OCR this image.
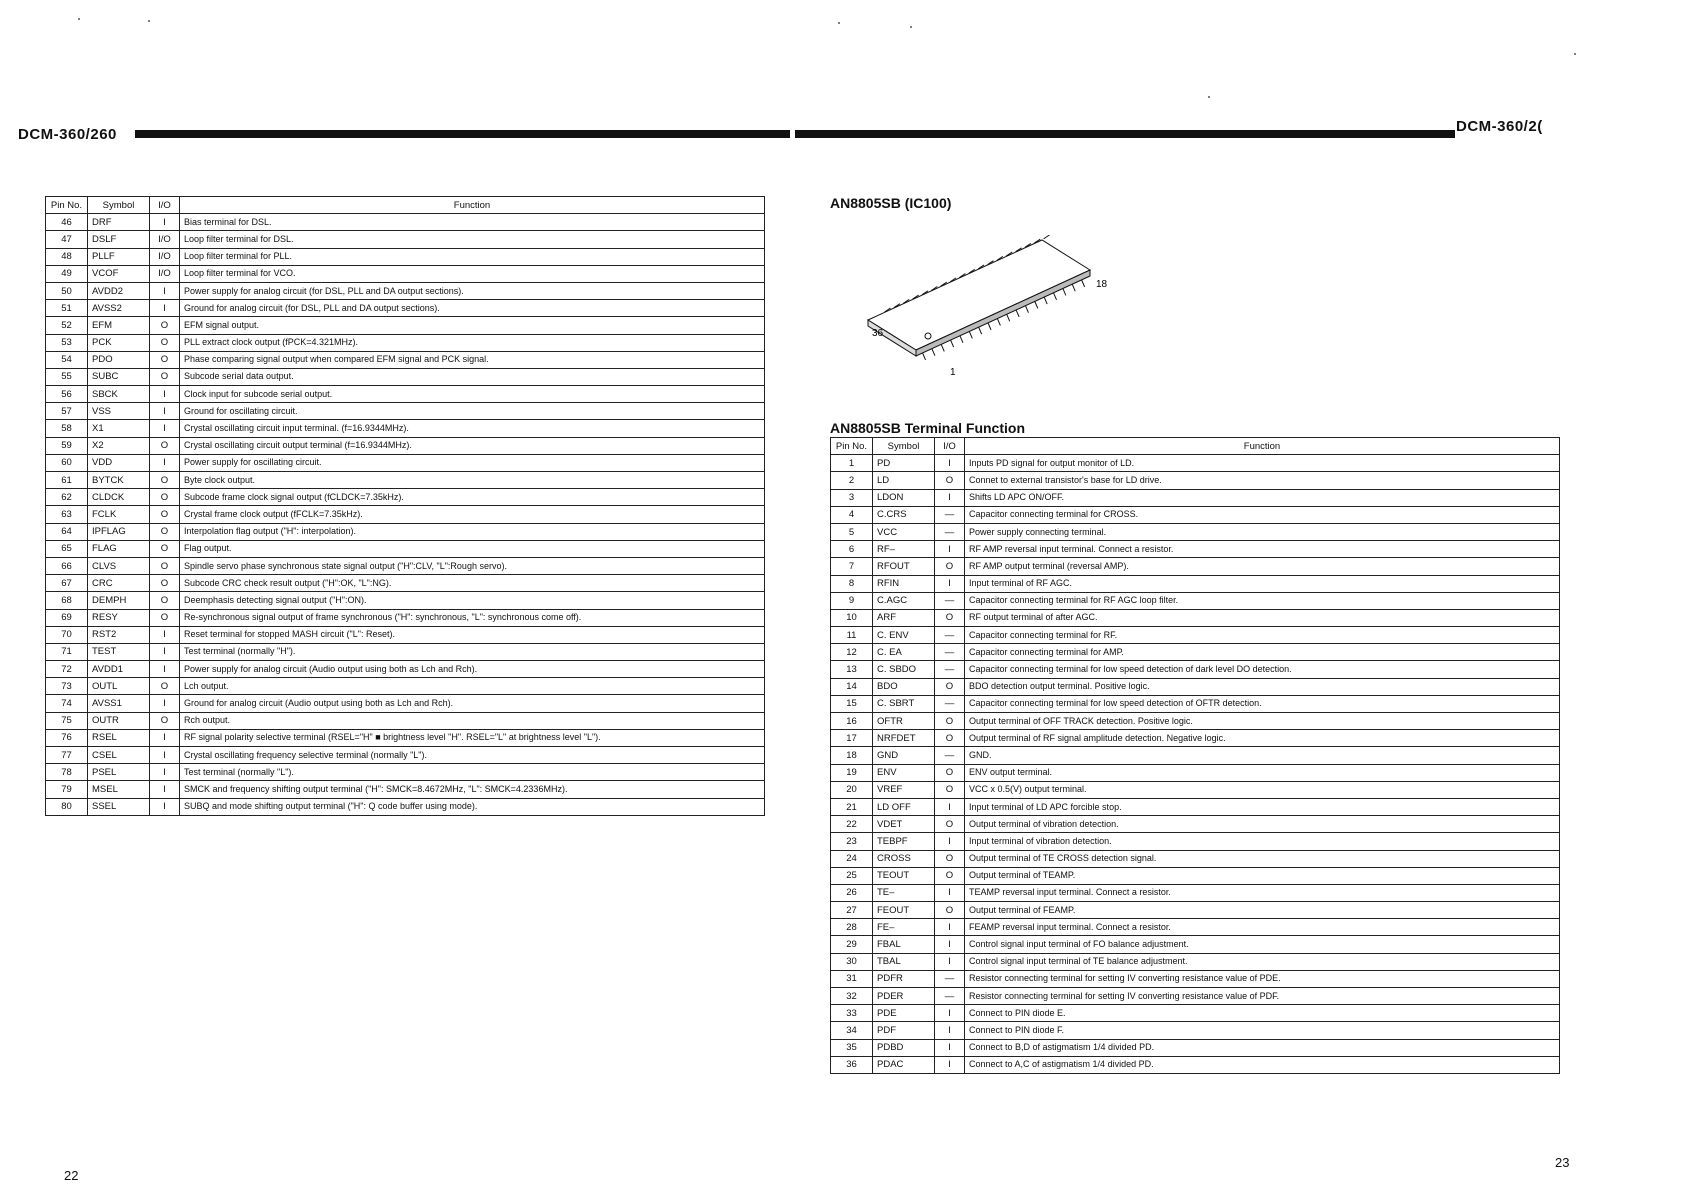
DCM-360/260	DCM-360/2(
Pin No.	Symbol	I/O	Function
46	DRF	I	Bias terminal for DSL.
47	DSLF	I/O	Loop filter terminal for DSL.
48	PLLF	I/O	Loop filter terminal for PLL.
49	VCOF	I/O	Loop filter terminal for VCO.
50	AVDD2	I	Power supply for analog circuit (for DSL, PLL and DA output sections).
51	AVSS2	I	Ground for analog circuit (for DSL, PLL and DA output sections).
52	EFM	O	EFM signal output.
53	PCK	O	PLL extract clock output (fPCK=4.321MHz).
54	PDO	O	Phase comparing signal output when compared EFM signal and PCK signal.
55	SUBC	O	Subcode serial data output.
56	SBCK	I	Clock input for subcode serial output.
57	VSS	I	Ground for oscillating circuit.
58	X1	I	Crystal oscillating circuit input terminal. (f=16.9344MHz).
59	X2	O	Crystal oscillating circuit output terminal (f=16.9344MHz).
60	VDD	I	Power supply for oscillating circuit.
61	BYTCK	O	Byte clock output.
62	CLDCK	O	Subcode frame clock signal output (fCLDCK=7.35kHz).
63	FCLK	O	Crystal frame clock output (fFCLK=7.35kHz).
64	IPFLAG	O	Interpolation flag output ("H": interpolation).
65	FLAG	O	Flag output.
66	CLVS	O	Spindle servo phase synchronous state signal output ("H":CLV, "L":Rough servo).
67	CRC	O	Subcode CRC check result output ("H":OK, "L":NG).
68	DEMPH	O	Deemphasis detecting signal output ("H":ON).
69	RESY	O	Re-synchronous signal output of frame synchronous ("H": synchronous, "L": synchronous come off).
70	RST2	I	Reset terminal for stopped MASH circuit ("L": Reset).
71	TEST	I	Test terminal (normally "H").
72	AVDD1	I	Power supply for analog circuit (Audio output using both as Lch and Rch).
73	OUTL	O	Lch output.
74	AVSS1	I	Ground for analog circuit (Audio output using both as Lch and Rch).
75	OUTR	O	Rch output.
76	RSEL	I	RF signal polarity selective terminal (RSEL="H" ■ brightness level "H". RSEL="L" at brightness level "L").
77	CSEL	I	Crystal oscillating frequency selective terminal (normally "L").
78	PSEL	I	Test terminal (normally "L").
79	MSEL	I	SMCK and frequency shifting output terminal ("H": SMCK=8.4672MHz, "L": SMCK=4.2336MHz).
80	SSEL	I	SUBQ and mode shifting output terminal ("H": Q code buffer using mode).
22
AN8805SB (IC100)
18
36
1
AN8805SB Terminal Function
Pin No.	Symbol	I/O	Function
1	PD	I	Inputs PD signal for output monitor of LD.
2	LD	O	Connet to external transistor's base for LD drive.
3	LDON	I	Shifts LD APC ON/OFF.
4	C.CRS	—	Capacitor connecting terminal for CROSS.
5	VCC	—	Power supply connecting terminal.
6	RF–	I	RF AMP reversal input terminal. Connect a resistor.
7	RFOUT	O	RF AMP output terminal (reversal AMP).
8	RFIN	I	Input terminal of RF AGC.
9	C.AGC	—	Capacitor connecting terminal for RF AGC loop filter.
10	ARF	O	RF output terminal of after AGC.
11	C. ENV	—	Capacitor connecting terminal for RF.
12	C. EA	—	Capacitor connecting terminal for AMP.
13	C. SBDO	—	Capacitor connecting terminal for low speed detection of dark level DO detection.
14	BDO	O	BDO detection output terminal. Positive logic.
15	C. SBRT	—	Capacitor connecting terminal for low speed detection of OFTR detection.
16	OFTR	O	Output terminal of OFF TRACK detection. Positive logic.
17	NRFDET	O	Output terminal of RF signal amplitude detection. Negative logic.
18	GND	—	GND.
19	ENV	O	ENV output terminal.
20	VREF	O	VCC x 0.5(V) output terminal.
21	LD OFF	I	Input terminal of LD APC forcible stop.
22	VDET	O	Output terminal of vibration detection.
23	TEBPF	I	Input terminal of vibration detection.
24	CROSS	O	Output terminal of TE CROSS detection signal.
25	TEOUT	O	Output terminal of TEAMP.
26	TE–	I	TEAMP reversal input terminal. Connect a resistor.
27	FEOUT	O	Output terminal of FEAMP.
28	FE–	I	FEAMP reversal input terminal. Connect a resistor.
29	FBAL	I	Control signal input terminal of FO balance adjustment.
30	TBAL	I	Control signal input terminal of TE balance adjustment.
31	PDFR	—	Resistor connecting terminal for setting IV converting resistance value of PDE.
32	PDER	—	Resistor connecting terminal for setting IV converting resistance value of PDF.
33	PDE	I	Connect to PIN diode E.
34	PDF	I	Connect to PIN diode F.
35	PDBD	I	Connect to B,D of astigmatism 1/4 divided PD.
36	PDAC	I	Connect to A,C of astigmatism 1/4 divided PD.
23
